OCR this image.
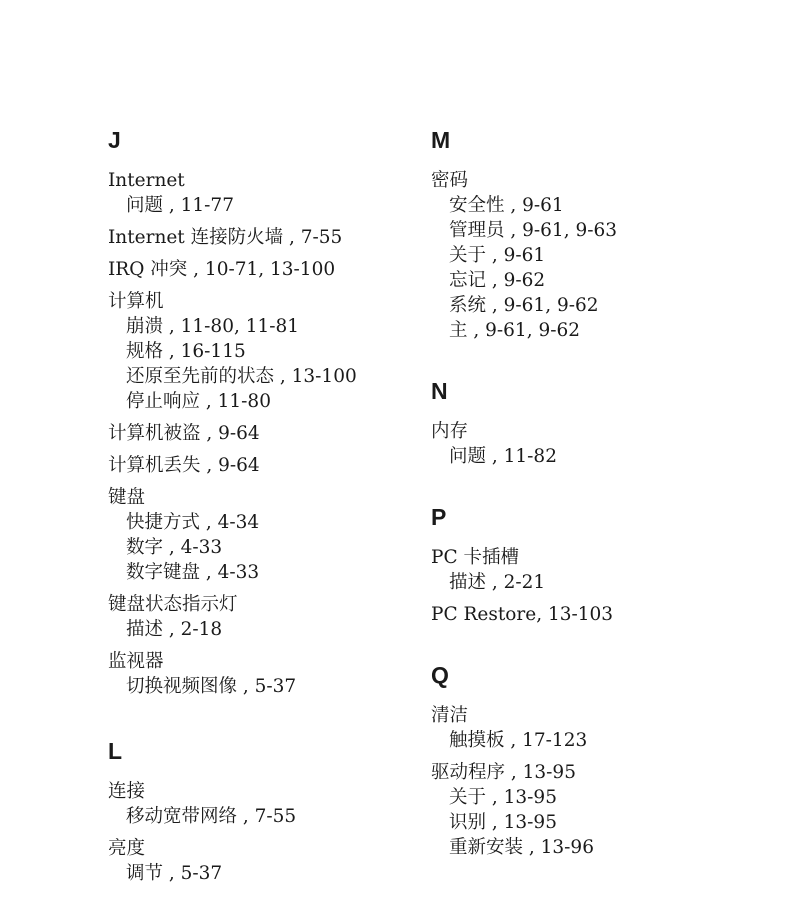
J
Internet
问题 , 11-77
Internet 连接防火墙 , 7-55
IRQ 冲突 , 10-71, 13-100
计算机
崩溃 , 11-80, 11-81
规格 , 16-115
还原至先前的状态 , 13-100
停止响应 , 11-80
计算机被盗 , 9-64
计算机丢失 , 9-64
键盘
快捷方式 , 4-34
数字 , 4-33
数字键盘 , 4-33
键盘状态指示灯
描述 , 2-18
监视器
切换视频图像 , 5-37
L
连接
移动宽带网络 , 7-55
亮度
调节 , 5-37
M
密码
安全性 , 9-61
管理员 , 9-61, 9-63
关于 , 9-61
忘记 , 9-62
系统 , 9-61, 9-62
主 , 9-61, 9-62
N
内存
问题 , 11-82
P
PC 卡插槽
描述 , 2-21
PC Restore, 13-103
Q
清洁
触摸板 , 17-123
驱动程序 , 13-95
关于 , 13-95
识别 , 13-95
重新安装 , 13-96
